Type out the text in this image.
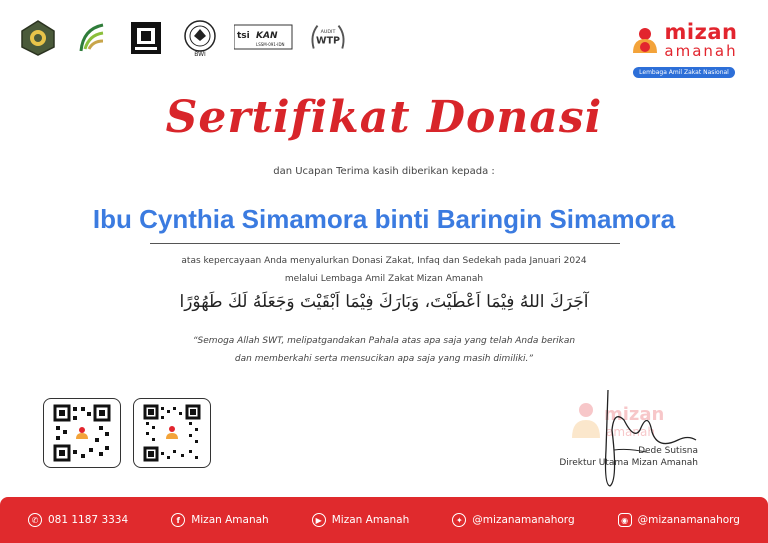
BWI
tsi KAN
LSSM-091-IDN
AUDIT
WTP	mizan
amanah
Lembaga Amil Zakat Nasional
Sertifikat Donasi
dan Ucapan Terima kasih diberikan kepada :
Ibu Cynthia Simamora binti Baringin Simamora
atas kepercayaan Anda menyalurkan Donasi Zakat, Infaq dan Sedekah pada Januari 2024
melalui Lembaga Amil Zakat Mizan Amanah
آجَرَكَ اللهُ فِيْمَا اَعْطَيْتَ، وَبَارَكَ فِيْمَا اَبْقَيْتَ وَجَعَلَهُ لَكَ طَهُوْرًا
“Semoga Allah SWT, melipatgandakan Pahala atas apa saja yang telah Anda berikan
dan memberkahi serta mensucikan apa saja yang masih dimiliki.”
mizan
amanah
Dede Sutisna
Direktur Utama Mizan Amanah
✆ 081 1187 3334	f	Mizan Amanah	▶ Mizan Amanah	✦ @mizanamanahorg	◉ @mizanamanahorg
